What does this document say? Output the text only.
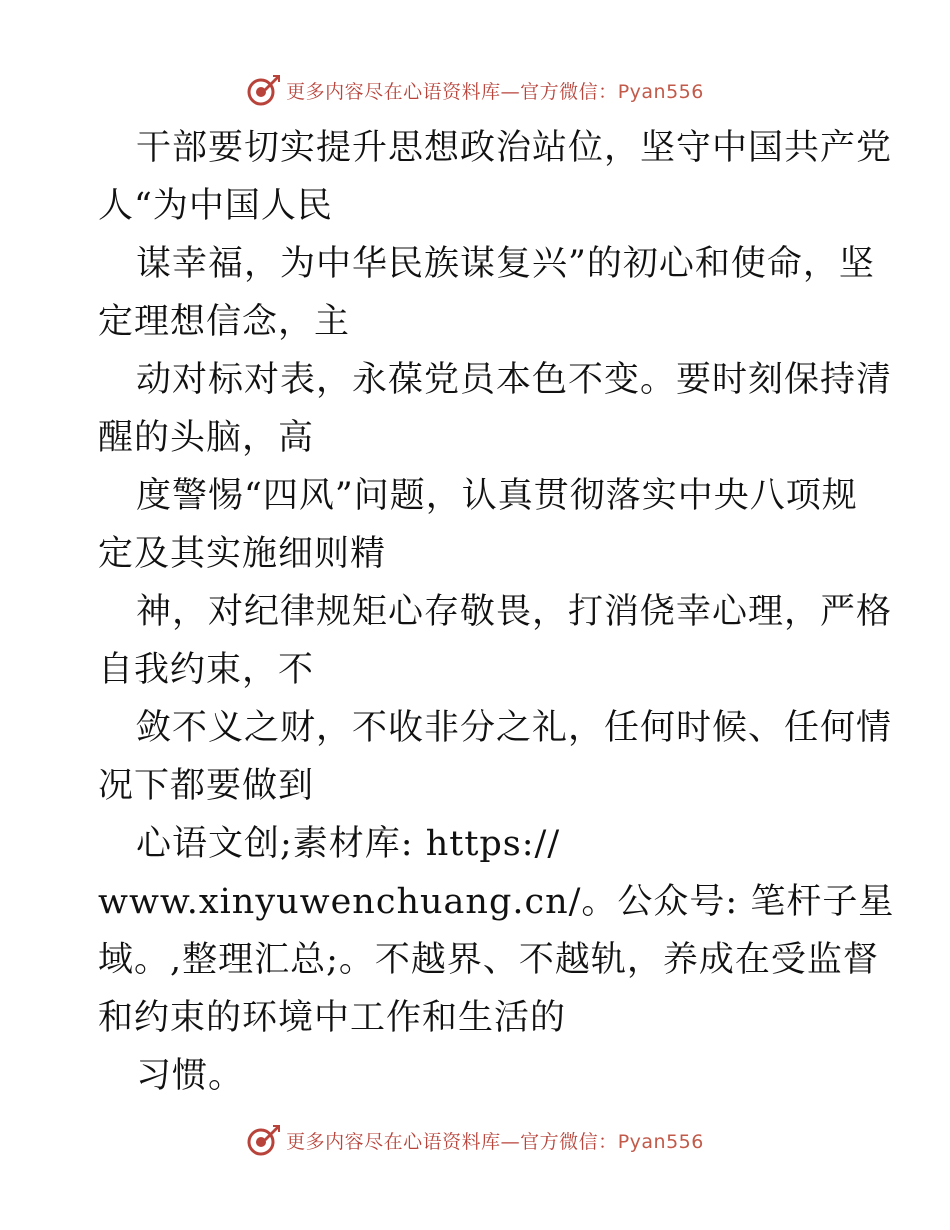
更多内容尽在心语资料库—官方微信：Pyan556
干部要切实提升思想政治站位，坚守中国共产党
人“为中国人民
谋幸福，为中华民族谋复兴”的初心和使命，坚
定理想信念，主
动对标对表，永葆党员本色不变。要时刻保持清
醒的头脑，高
度警惕“四风”问题，认真贯彻落实中央八项规
定及其实施细则精
神，对纪律规矩心存敬畏，打消侥幸心理，严格
自我约束，不
敛不义之财，不收非分之礼，任何时候、任何情
况下都要做到
心语文创;素材库: https://
www.xinyuwenchuang.cn/。公众号: 笔杆子星
域。,整理汇总;。不越界、不越轨，养成在受监督
和约束的环境中工作和生活的
习惯。
更多内容尽在心语资料库—官方微信：Pyan556
